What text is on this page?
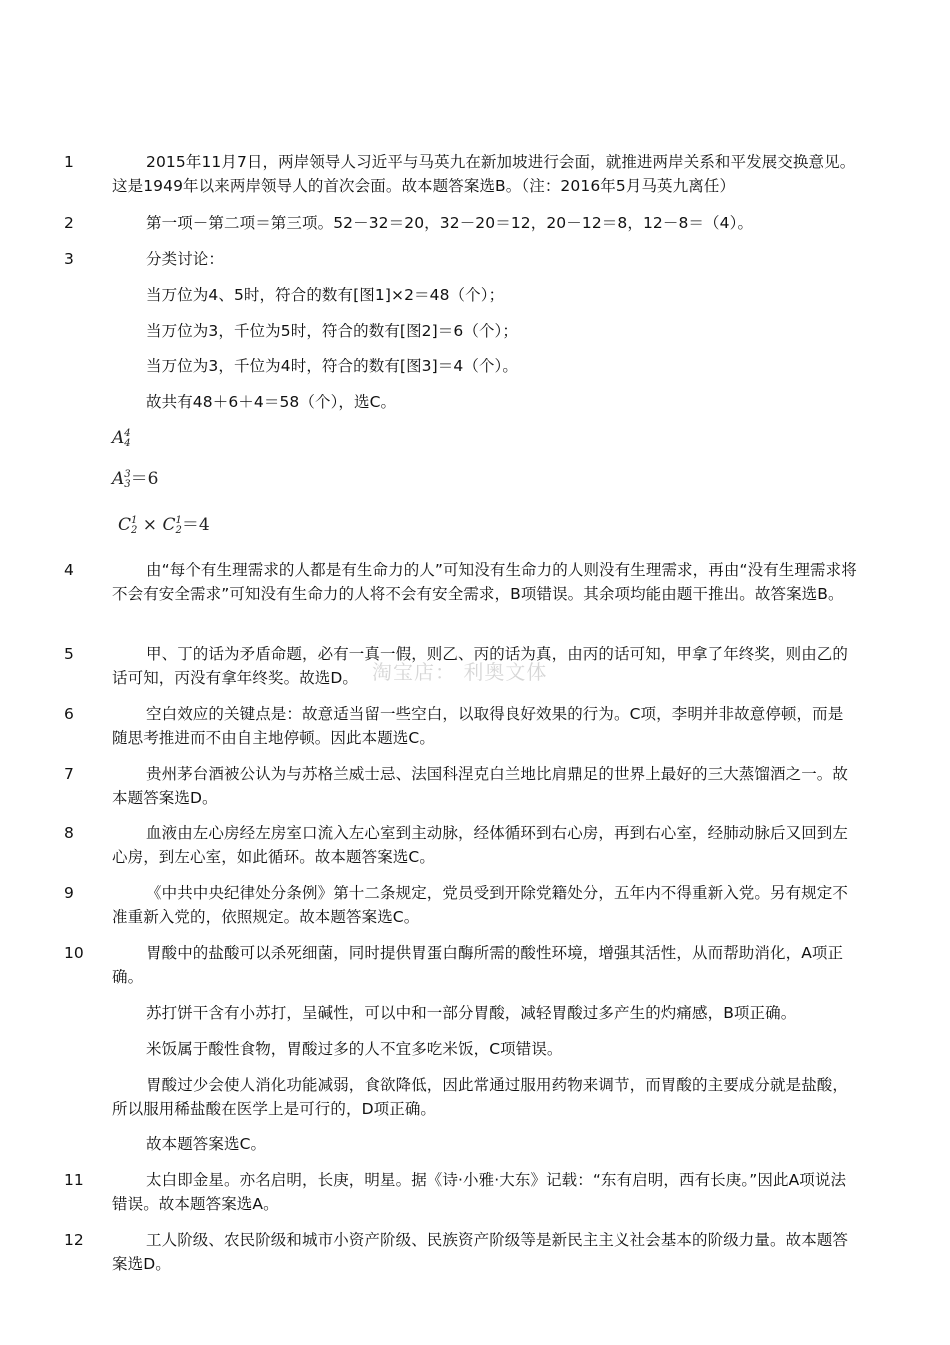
1	2015年11月7日，两岸领导人习近平与马英九在新加坡进行会面，就推进两岸关系和平发展交换意见。这是1949年以来两岸领导人的首次会面。故本题答案选B。（注：2016年5月马英九离任）

2	第一项－第二项＝第三项。52－32＝20，32－20＝12，20－12＝8，12－8＝（4）。

3	分类讨论：

当万位为4、5时，符合的数有[图1]×2＝48（个）；

当万位为3，千位为5时，符合的数有[图2]＝6（个）；

当万位为3，千位为4时，符合的数有[图3]＝4（个）。

故共有48＋6＋4＝58（个），选C。

A 4
4
A 3
3 ＝6
C 1
2 × C 1
2 ＝4
4	由“每个有生理需求的人都是有生命力的人”可知没有生命力的人则没有生理需求，再由“没有生理需求将不会有安全需求”可知没有生命力的人将不会有安全需求，B项错误。其余项均能由题干推出。故答案选B。

5	甲、丁的话为矛盾命题，必有一真一假，则乙、丙的话为真，由丙的话可知，甲拿了年终奖，则由乙的话可知，丙没有拿年终奖。故选D。

6	空白效应的关键点是：故意适当留一些空白，以取得良好效果的行为。C项，李明并非故意停顿，而是随思考推进而不由自主地停顿。因此本题选C。

7	贵州茅台酒被公认为与苏格兰威士忌、法国科涅克白兰地比肩鼎足的世界上最好的三大蒸馏酒之一。故本题答案选D。

8	血液由左心房经左房室口流入左心室到主动脉，经体循环到右心房，再到右心室，经肺动脉后又回到左心房，到左心室，如此循环。故本题答案选C。

9	《中共中央纪律处分条例》第十二条规定，党员受到开除党籍处分，五年内不得重新入党。另有规定不准重新入党的，依照规定。故本题答案选C。

10	胃酸中的盐酸可以杀死细菌，同时提供胃蛋白酶所需的酸性环境，增强其活性，从而帮助消化，A项正确。

苏打饼干含有小苏打，呈碱性，可以中和一部分胃酸，减轻胃酸过多产生的灼痛感，B项正确。

米饭属于酸性食物，胃酸过多的人不宜多吃米饭，C项错误。

胃酸过少会使人消化功能减弱，食欲降低，因此常通过服用药物来调节，而胃酸的主要成分就是盐酸，所以服用稀盐酸在医学上是可行的，D项正确。

故本题答案选C。

11	太白即金星。亦名启明，长庚，明星。据《诗·小雅·大东》记载：“东有启明，西有长庚。”因此A项说法错误。故本题答案选A。

12	工人阶级、农民阶级和城市小资产阶级、民族资产阶级等是新民主主义社会基本的阶级力量。故本题答案选D。

淘宝店： 利奥文体
